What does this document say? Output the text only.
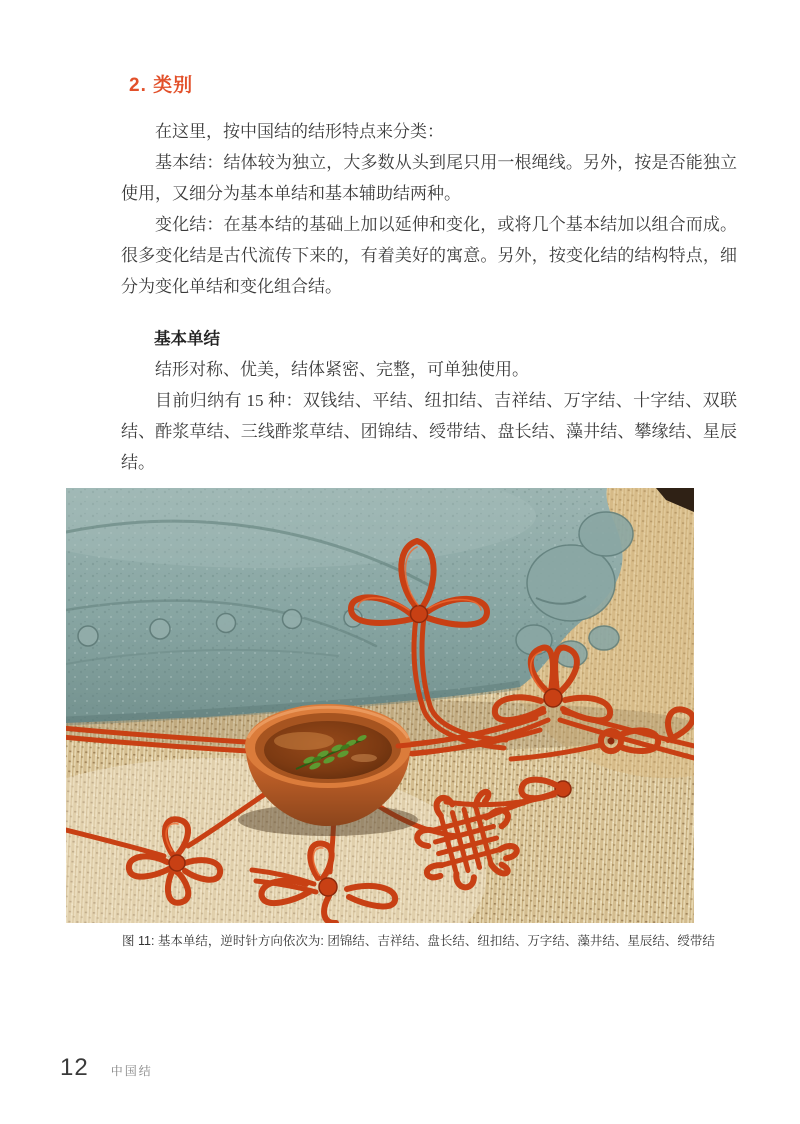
2. 类别

在这里，按中国结的结形特点来分类：

基本结：结体较为独立，大多数从头到尾只用一根绳线。另外，按是否能独立使用，又细分为基本单结和基本辅助结两种。

变化结：在基本结的基础上加以延伸和变化，或将几个基本结加以组合而成。很多变化结是古代流传下来的，有着美好的寓意。另外，按变化结的结构特点，细分为变化单结和变化组合结。

基本单结

结形对称、优美，结体紧密、完整，可单独使用。

目前归纳有 15 种：双钱结、平结、纽扣结、吉祥结、万字结、十字结、双联结、酢浆草结、三线酢浆草结、团锦结、绶带结、盘长结、藻井结、攀缘结、星辰结。

图 11: 基本单结，逆时针方向依次为: 团锦结、吉祥结、盘长结、纽扣结、万字结、藻井结、星辰结、绶带结
12 中国结
